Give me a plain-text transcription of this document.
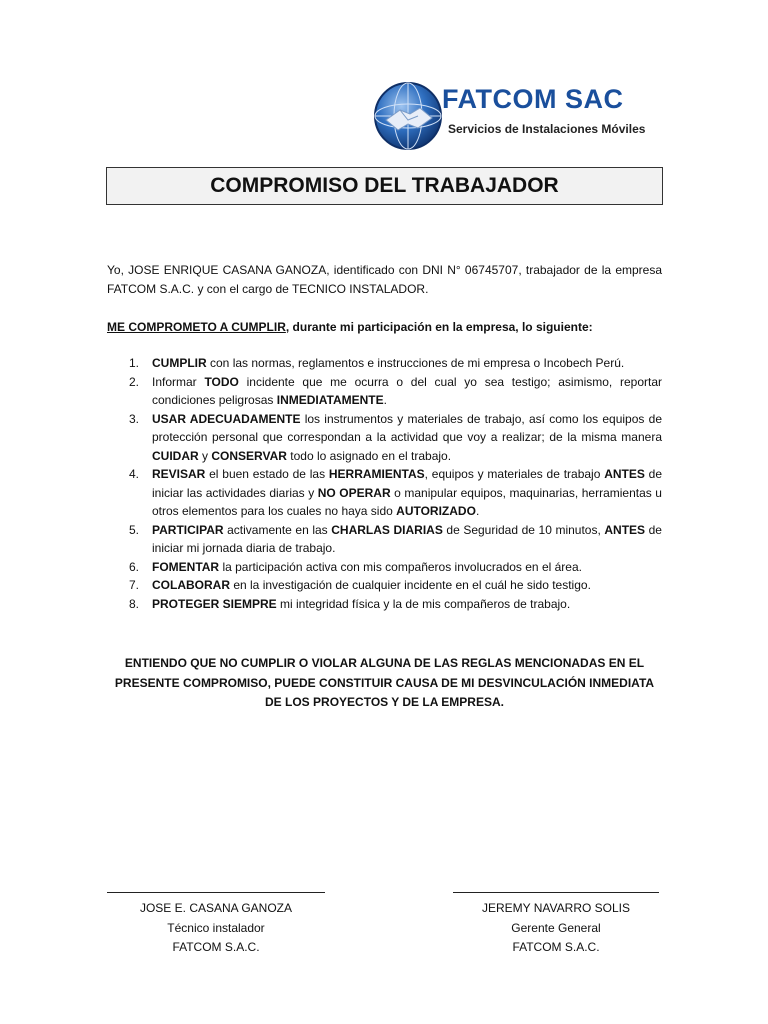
FATCOM SAC
Servicios de Instalaciones Móviles
COMPROMISO DEL TRABAJADOR

Yo, JOSE ENRIQUE CASANA GANOZA, identificado con DNI N° 06745707, trabajador de la empresa FATCOM S.A.C. y con el cargo de TECNICO INSTALADOR.

ME COMPROMETO A CUMPLIR, durante mi participación en la empresa, lo siguiente:

1. CUMPLIR con las normas, reglamentos e instrucciones de mi empresa o Incobech Perú.
2. Informar TODO incidente que me ocurra o del cual yo sea testigo; asimismo, reportar condiciones peligrosas INMEDIATAMENTE.
3. USAR ADECUADAMENTE los instrumentos y materiales de trabajo, así como los equipos de protección personal que correspondan a la actividad que voy a realizar; de la misma manera CUIDAR y CONSERVAR todo lo asignado en el trabajo.
4. REVISAR el buen estado de las HERRAMIENTAS, equipos y materiales de trabajo ANTES de iniciar las actividades diarias y NO OPERAR o manipular equipos, maquinarias, herramientas u otros elementos para los cuales no haya sido AUTORIZADO.
5. PARTICIPAR activamente en las CHARLAS DIARIAS de Seguridad de 10 minutos, ANTES de iniciar mi jornada diaria de trabajo.
6. FOMENTAR la participación activa con mis compañeros involucrados en el área.
7. COLABORAR en la investigación de cualquier incidente en el cuál he sido testigo.
8. PROTEGER SIEMPRE mi integridad física y la de mis compañeros de trabajo.

ENTIENDO QUE NO CUMPLIR O VIOLAR ALGUNA DE LAS REGLAS MENCIONADAS EN EL PRESENTE COMPROMISO, PUEDE CONSTITUIR CAUSA DE MI DESVINCULACIÓN INMEDIATA DE LOS PROYECTOS Y DE LA EMPRESA.

JOSE E. CASANA GANOZA
Técnico instalador
FATCOM S.A.C.
JEREMY NAVARRO SOLIS
Gerente General
FATCOM S.A.C.
